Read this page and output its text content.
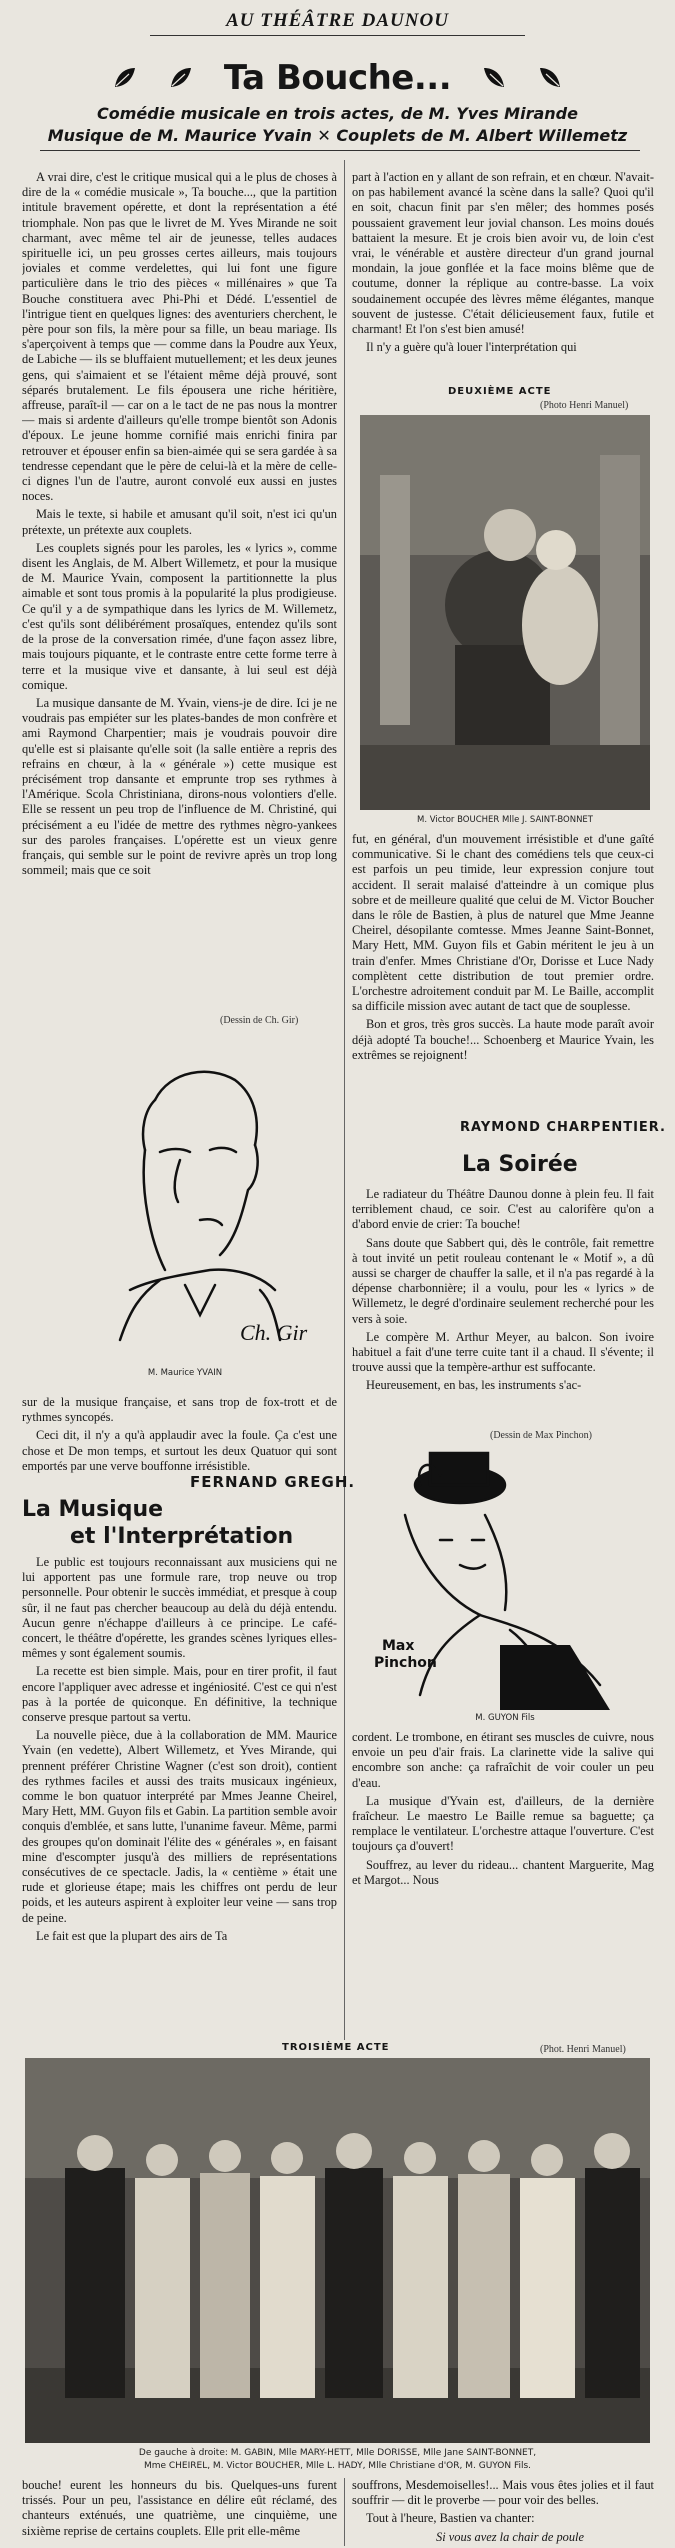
AU THÉÂTRE DAUNOU
Ta Bouche...
Comédie musicale en trois actes, de M. Yves Mirande
Musique de M. Maurice Yvain ✕ Couplets de M. Albert Willemetz

A vrai dire, c'est le critique musical qui a le plus de choses à dire de la « comédie musicale », Ta bouche..., que la partition intitule bravement opérette, et dont la représentation a été triomphale. Non pas que le livret de M. Yves Mirande ne soit charmant, avec même tel air de jeunesse, telles audaces spirituelle ici, un peu grosses certes ailleurs, mais toujours joviales et comme verdelettes, qui lui font une figure particulière dans le trio des pièces « millénaires » que Ta Bouche constituera avec Phi-Phi et Dédé. L'essentiel de l'intrigue tient en quelques lignes: des aventuriers cherchent, le père pour son fils, la mère pour sa fille, un beau mariage. Ils s'aperçoivent à temps que — comme dans la Poudre aux Yeux, de Labiche — ils se bluffaient mutuellement; et les deux jeunes gens, qui s'aimaient et se l'étaient même déjà prouvé, sont séparés brutalement. Le fils épousera une riche héritière, affreuse, paraît-il — car on a le tact de ne pas nous la montrer — mais si ardente d'ailleurs qu'elle trompe bientôt son Adonis d'époux. Le jeune homme cornifié mais enrichi finira par retrouver et épouser enfin sa bien-aimée qui se sera gardée à sa tendresse cependant que le père de celui-là et la mère de celle-ci dignes l'un de l'autre, auront convolé eux aussi en justes noces.

Mais le texte, si habile et amusant qu'il soit, n'est ici qu'un prétexte, un prétexte aux couplets.

Les couplets signés pour les paroles, les « lyrics », comme disent les Anglais, de M. Albert Willemetz, et pour la musique de M. Maurice Yvain, composent la partitionnette la plus aimable et sont tous promis à la popularité la plus prodigieuse. Ce qu'il y a de sympathique dans les lyrics de M. Willemetz, c'est qu'ils sont délibérément prosaïques, entendez qu'ils sont de la prose de la conversation rimée, d'une façon assez libre, mais toujours piquante, et le contraste entre cette forme terre à terre et la musique vive et dansante, à lui seul est déjà comique.

La musique dansante de M. Yvain, viens-je de dire. Ici je ne voudrais pas empiéter sur les plates-bandes de mon confrère et ami Raymond Charpentier; mais je voudrais pouvoir dire qu'elle est si plaisante qu'elle soit (la salle entière a repris des refrains en chœur, à la « générale ») cette musique est précisément trop dansante et emprunte trop ses rythmes à l'Amérique. Scola Christiniana, dirons-nous volontiers d'elle. Elle se ressent un peu trop de l'influence de M. Christiné, qui précisément a eu l'idée de mettre des rythmes nègro-yankees sur des paroles françaises. L'opérette est un vieux genre français, qui semble sur le point de revivre après un trop long sommeil; mais que ce soit

(Dessin de Ch. Gir)
Ch. Gir
M. Maurice YVAIN

sur de la musique française, et sans trop de fox-trott et de rythmes syncopés.

Ceci dit, il n'y a qu'à applaudir avec la foule. Ça c'est une chose et De mon temps, et surtout les deux Quatuor qui sont emportés par une verve bouffonne irrésistible.

FERNAND GREGH.
La Musique
et l'Interprétation

Le public est toujours reconnaissant aux musiciens qui ne lui apportent pas une formule rare, trop neuve ou trop personnelle. Pour obtenir le succès immédiat, et presque à coup sûr, il ne faut pas chercher beaucoup au delà du déjà entendu. Aucun genre n'échappe d'ailleurs à ce principe. Le café-concert, le théâtre d'opérette, les grandes scènes lyriques elles-mêmes y sont également soumis.

La recette est bien simple. Mais, pour en tirer profit, il faut encore l'appliquer avec adresse et ingéniosité. C'est ce qui n'est pas à la portée de quiconque. En définitive, la technique conserve presque partout sa vertu.

La nouvelle pièce, due à la collaboration de MM. Maurice Yvain (en vedette), Albert Willemetz, et Yves Mirande, qui prennent préférer Christine Wagner (c'est son droit), contient des rythmes faciles et aussi des traits musicaux ingénieux, comme le bon quatuor interprété par Mmes Jeanne Cheirel, Mary Hett, MM. Guyon fils et Gabin. La partition semble avoir conquis d'emblée, et sans lutte, l'unanime faveur. Même, parmi des groupes qu'on dominait l'élite des « générales », en faisant mine d'escompter jusqu'à des milliers de représentations consécutives de ce spectacle. Jadis, la « centième » était une rude et glorieuse étape; mais les chiffres ont perdu de leur poids, et les auteurs aspirent à exploiter leur veine — sans trop de peine.

Le fait est que la plupart des airs de Ta

part à l'action en y allant de son refrain, et en chœur. N'avait-on pas habilement avancé la scène dans la salle? Quoi qu'il en soit, chacun finit par s'en mêler; des hommes posés poussaient gravement leur jovial chanson. Les moins doués battaient la mesure. Et je crois bien avoir vu, de loin c'est vrai, le vénérable et austère directeur d'un grand journal mondain, la joue gonflée et la face moins blême que de coutume, donner la réplique au contre-basse. La voix soudainement occupée des lèvres même élégantes, manque souvent de justesse. C'était délicieusement faux, futile et charmant! Et l'on s'est bien amusé!

Il n'y a guère qu'à louer l'interprétation qui

DEUXIÈME ACTE
(Photo Henri Manuel)
M. Victor BOUCHER Mlle J. SAINT-BONNET

fut, en général, d'un mouvement irrésistible et d'une gaîté communicative. Si le chant des comédiens tels que ceux-ci est parfois un peu timide, leur expression conjure tout accident. Il serait malaisé d'atteindre à un comique plus sobre et de meilleure qualité que celui de M. Victor Boucher dans le rôle de Bastien, à plus de naturel que Mme Jeanne Cheirel, désopilante comtesse. Mmes Jeanne Saint-Bonnet, Mary Hett, MM. Guyon fils et Gabin méritent le jeu à un train d'enfer. Mmes Christiane d'Or, Dorisse et Luce Nady complètent cette distribution de tout premier ordre. L'orchestre adroitement conduit par M. Le Baille, accomplit sa difficile mission avec autant de tact que de souplesse.

Bon et gros, très gros succès. La haute mode paraît avoir déjà adopté Ta bouche!... Schoenberg et Maurice Yvain, les extrêmes se rejoignent!

RAYMOND CHARPENTIER.
La Soirée

Le radiateur du Théâtre Daunou donne à plein feu. Il fait terriblement chaud, ce soir. C'est au calorifère qu'on a d'abord envie de crier: Ta bouche!

Sans doute que Sabbert qui, dès le contrôle, fait remettre à tout invité un petit rouleau contenant le « Motif », a dû aussi se charger de chauffer la salle, et il n'a pas regardé à la dépense charbonnière; il a voulu, pour les « lyrics » de Willemetz, le degré d'ordinaire seulement recherché pour les vers à soie.

Le compère M. Arthur Meyer, au balcon. Son ivoire habituel a fait d'une terre cuite tant il a chaud. Il s'évente; il trouve aussi que la tempère-arthur est suffocante.

Heureusement, en bas, les instruments s'ac-

(Dessin de Max Pinchon)
Max
Pinchon
M. GUYON Fils

cordent. Le trombone, en étirant ses muscles de cuivre, nous envoie un peu d'air frais. La clarinette vide la salive qui encombre son anche: ça rafraîchit de voir couler un peu d'eau.

La musique d'Yvain est, d'ailleurs, de la dernière fraîcheur. Le maestro Le Baille remue sa baguette; ça remplace le ventilateur. L'orchestre attaque l'ouverture. C'est toujours ça d'ouvert!

Souffrez, au lever du rideau... chantent Marguerite, Mag et Margot... Nous

TROISIÈME ACTE	(Phot. Henri Manuel)
De gauche à droite: M. GABIN, Mlle MARY-HETT, Mlle DORISSE, Mlle Jane SAINT-BONNET,
Mme CHEIREL, M. Victor BOUCHER, Mlle L. HADY, Mlle Christiane d'OR, M. GUYON Fils.

bouche! eurent les honneurs du bis. Quelques-uns furent trissés. Pour un peu, l'assistance en délire eût réclamé, des chanteurs exténués, une quatrième, une cinquième, une sixième reprise de certains couplets. Elle prit elle-même

souffrons, Mesdemoiselles!... Mais vous êtes jolies et il faut souffrir — dit le proverbe — pour voir des belles.

Tout à l'heure, Bastien va chanter:

Si vous avez la chair de poule
